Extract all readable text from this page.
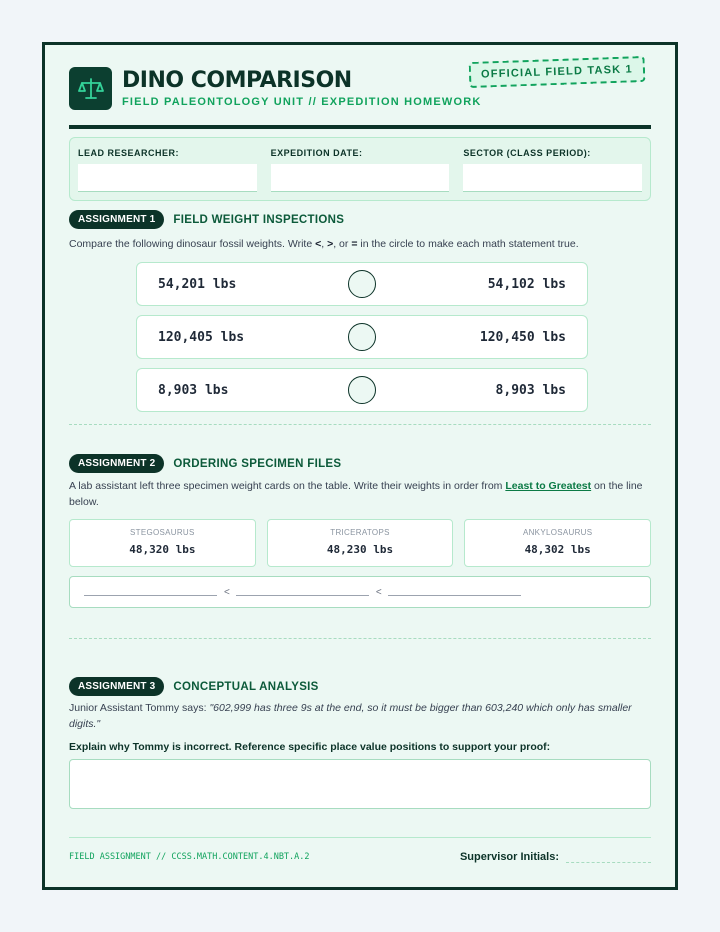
DINO COMPARISON
FIELD PALEONTOLOGY UNIT // EXPEDITION HOMEWORK
OFFICIAL FIELD TASK 1
LEAD RESEARCHER:	EXPEDITION DATE:	SECTOR (CLASS PERIOD):
ASSIGNMENT 1	FIELD WEIGHT INSPECTIONS
Compare the following dinosaur fossil weights. Write <, >, or = in the circle to make each math statement true.
54,201 lbs	54,102 lbs
120,405 lbs	120,450 lbs
8,903 lbs	8,903 lbs
ASSIGNMENT 2	ORDERING SPECIMEN FILES
A lab assistant left three specimen weight cards on the table. Write their weights in order from Least to Greatest on the line below.
STEGOSAURUS
48,320 lbs
TRICERATOPS
48,230 lbs
ANKYLOSAURUS
48,302 lbs
<	<
ASSIGNMENT 3	CONCEPTUAL ANALYSIS
Junior Assistant Tommy says: "602,999 has three 9s at the end, so it must be bigger than 603,240 which only has smaller digits."
Explain why Tommy is incorrect. Reference specific place value positions to support your proof:
FIELD ASSIGNMENT // CCSS.MATH.CONTENT.4.NBT.A.2	Supervisor Initials:
